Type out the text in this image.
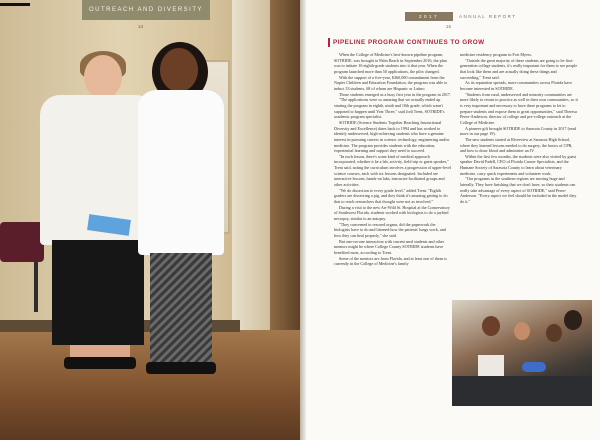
OUTREACH AND DIVERSITY
14
2017	ANNUAL REPORT
15
PIPELINE PROGRAM CONTINUES TO GROW

When the College of Medicine's best-known pipeline program, SOTRIDE, was brought to Palm Beach in September 2016, the plan was to initiate 16 eighth-grade students into it that year. When the program launched more than 50 applications, the pilot changed.

With the support of a five-year, $360,000 commitment from the Napier Children and Education Foundation, the program was able to induct 33 students, 68 of whom are Hispanic or Latino.

Those students emerged as a busy first year in the program in 2017.

"The applications were so amazing that we actually ended up starting the program in eighth, ninth and 10th grade, which wasn't supposed to happen until Year Three," said Jodi Trent, SOTRIDE's academic program specialist.

SOTRIDE (Science Students Together Reaching Instructional Diversity and Excellence) dates back to 1994 and has worked to identify underserved, high-achieving students who have a genuine interest in pursuing careers in science, technology, engineering and/or medicine. The program provides students with the education, experiential learning and support they need to succeed.

"In each lesson, there's some kind of medical approach incorporated, whether it be a lab, activity, field trip or guest speaker," Trent said, noting the curriculum involves a progression of upper-level science courses, each with six lessons designated. Included are interactive lessons, hands-on labs, instructor-facilitated groups and other activities.

"We do dissection to every grade level," added Trent. "Eighth graders are dissecting a pig, and they think it's amazing getting to do that to reach researchers that thought were not as involved."

During a visit to the new Art-Wild St. Hospital at the Conservatory of Southwest Florida, students worked with biologists to do a jaybird necropsy, similar to an autopsy.

"They concerned to rescued organs, did the paperwork the biologists have to do and listened how the patients' lungs work, and how they can heal properly," she said.

But one-on-one interaction with current med students and other mentors might be where College County SOTRIDE students have benefited most, according to Trent.

Some of the mentors are from Florida, and at least one of them is currently in the College of Medicine's family

medicine residency program in Fort Myers.

"Outside the great majority of these students are going to be first-generation college students, it's really important for them to see people that look like them and are actually doing these things and succeeding," Trent said.

As its reputation spreads, more communities across Florida have become interested in SOTRIDE.

"Students from rural, underserved and minority communities are more likely to return to practice as well in their own communities, so it is very important and necessary to have these programs to let to prepare students and expose them to great opportunities," said Theresa Perez-Anderson, director of college and pre-college outreach at the College of Medicine.

A pioneer gift brought SOTRIDE to Sarasota County in 2017 (read more in our page 19).

The new students started at Riverview at Sarasota High School, where they learned lessons needed to do surgery, the basics of CPR, and how to draw blood and administer an IV.

Within the first few months, the students were also visited by guest speaker David Fadell, CEO of Florida Cancer Specialists, and the Humane Society of Sarasota County to learn about veterinary medicine, carry quick experiments and volunteer work.

"Our programs in the southern regions are moving huge and laterally. They have finishing that we don't have, so their students can really take advantage of every aspect of SOTRIDE," said Perez-Anderson. "Every aspect we feel should be included in the model they do it."
